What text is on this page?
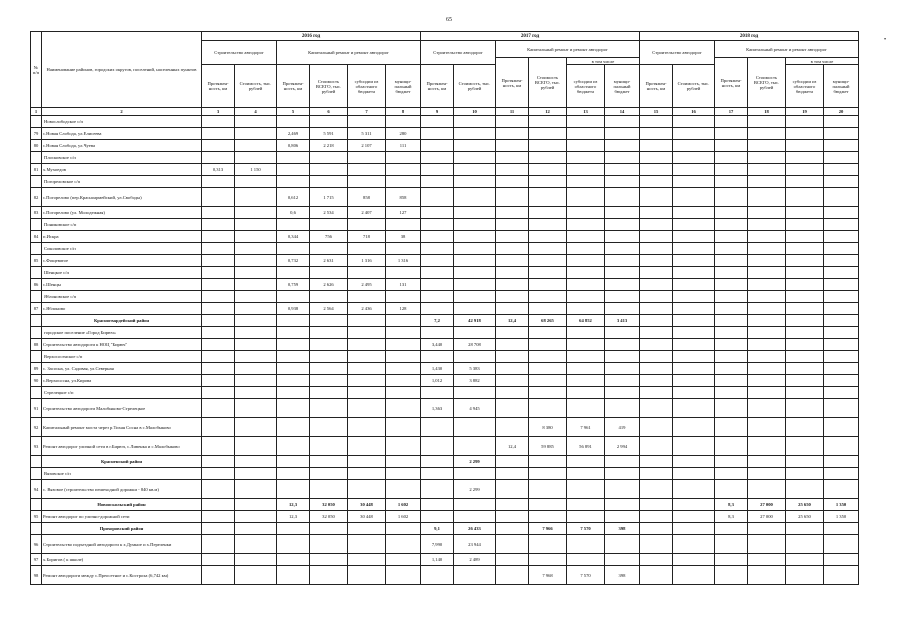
65
•
№ п/п	Наименование районов, городских округов, поселений, населенных пунктов	2016 год						2017 год						2018 год					
		Строительство автодорог		Капитальный ремонт и ремонт автодорог				Строительство автодорог		Капитальный ремонт и ремонт автодорог				Строительство автодорог		Капитальный ремонт и ремонт автодорог			
										Протяжен-ность, км	Стоимость ВСЕГО, тыс. рублей	в том числе				Протяжен-ность, км	Стоимость ВСЕГО, тыс. рублей	в том числе	
		Протяжен-ность, км	Стоимость, тыс. рублей	Протяжен-ность, км	Стоимость ВСЕГО, тыс. рублей	субсидии из областного бюджета	муници-пальный бюджет	Протяжен-ность, км	Стоимость, тыс. рублей			субсидии из областного бюджета	муници-пальный бюджет	Протяжен-ность, км	Стоимость, тыс. рублей			субсидии из областного бюджета	муници-пальный бюджет
1	2	3	4	5	6	7	8	9	10	11	12	13	14	15	16	17	18	19	20
	Новослободское с/п																		
79	с.Новая Слобода, ул.Елисеева			2,469	5 591	5 311	280												
80	с.Новая Слобода, ул.Чуева			0,806	2 218	2 107	111												
	Плосковское с/п																		
81	х.Мухоедов	0,313	1 150																
	Погореловское с/п																		
82	с.Погорелово (пер.Красноармейский, ул.Свободы)			0,612	1 715	858	858												
83	с.Погорелово (ул. Молодежная)			0,6	2 534	2 407	127												
	Пониковское с/п																		
84	п.Искра			0,344	756	718	38												
	Соколовское с/п																		
85	с.Фощеватое			0,732	2 631	1 316	1 316												
	Шенцкое с/п																		
86	с.Шенцы			0,759	2 626	2 495	131												
	Яблоновское с/п																		
87	с.Яблоново			0,938	2 564	2 436	128												
	Красногвардейский район							7,2	42 918	12,4	68 265	64 852	3 413						
	городское поселение «Город Бирюч»																		
88	Строительство автодороги к НОЦ "Бирюч"							3,440	28 708										
	Верхососенское с/п																		
89	с. Засосна, ул. Садовая, ул.Северная							1,430	5 383										
90	с.Верхососна, ул.Кирова							1,012	3 882										
	Стрелецкое с/п																		
91	Строительство автодороги Малобыково-Стрелецкое							1,363	4 945										
92	Капитальный ремонт моста через р.Тихая Сосна в с.Малобыково										8 380	7 961	419						
93	Ремонт автодорог уличной сети в г.Бирюч, с.Ливенка и с.Малобыково									12,4	59 885	56 891	2 994						
	Красненский район								2 299										
	Вязовское с/п																		
94	с. Вязовое (строительство пешеходной дорожки - 840 кв.м)								2 299										
	Новооскольский район			12,3	32 050	30 448	1 602									8,3	27 000	25 650	1 350
95	Ремонт автодорог по улично-дорожной сети			12,3	32 050	30 448	1 602									8,3	27 000	25 650	1 350
	Прохоровский район							9,1	26 433		7 966	7 570	398						
96	Строительство подъездной автодороги к х.Думное и х.Переленки							7,990	23 944										
97	х.Боригов ( к школе)							1,140	2 489										
98	Ремонт автодороги между с.Преосетное и с.Костроха (6,742 км)										7 968	7 570	398						
